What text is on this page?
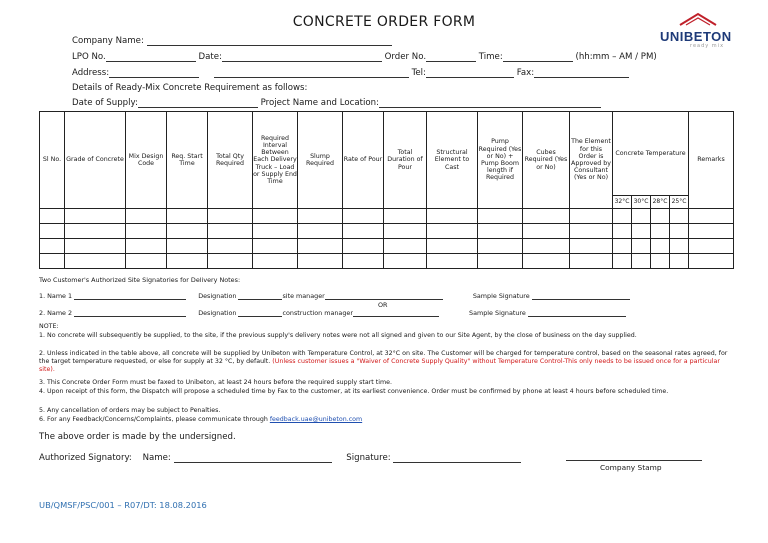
CONCRETE ORDER FORM
UNIBETON
ready mix
Company Name:
LPO No.	Date:	Order No.	Time:	(hh:mm – AM / PM)
Address:	Tel:	Fax:
Details of Ready-Mix Concrete Requirement as follows:
Date of Supply:	Project Name and Location:
Sl No.	Grade of Concrete	Mix Design Code	Req. Start Time	Total Qty Required	Required Interval Between Each Delivery Truck – Load or Supply End Time	Slump Required	Rate of Pour	Total Duration of Pour	Structural Element to Cast	Pump Required (Yes or No) + Pump Boom length if Required	Cubes Required (Yes or No)	The Element for this Order is Approved by Consultant (Yes or No)	Concrete Temperature				Remarks
													32°C	30°C	28°C	25°C	

Two Customer's Authorized Site Signatories for Delivery Notes:
1. Name 1	Designation	site manager	Sample Signature
OR
2. Name 2	Designation	construction manager	Sample Signature
NOTE:
1. No concrete will subsequently be supplied, to the site, if the previous supply's delivery notes were not all signed and given to our Site Agent, by the close of business on the day supplied.
2. Unless indicated in the table above, all concrete will be supplied by Unibeton with Temperature Control, at 32°C on site. The Customer will be charged for temperature control, based on the seasonal rates agreed, for the target temperature requested, or else for supply at 32 °C, by default. (Unless customer issues a "Waiver of Concrete Supply Quality" without Temperature Control-This only needs to be issued once for a particular site).
3. This Concrete Order Form must be faxed to Unibeton, at least 24 hours before the required supply start time.
4. Upon receipt of this form, the Dispatch will propose a scheduled time by Fax to the customer, at its earliest convenience. Order must be confirmed by phone at least 4 hours before scheduled time.
5. Any cancellation of orders may be subject to Penalties.
6. For any Feedback/Concerns/Complaints, please communicate through feedback.uae@unibeton.com
The above order is made by the undersigned.
Authorized Signatory: Name:	Signature:
Company Stamp
UB/QMSF/PSC/001 – R07/DT: 18.08.2016
